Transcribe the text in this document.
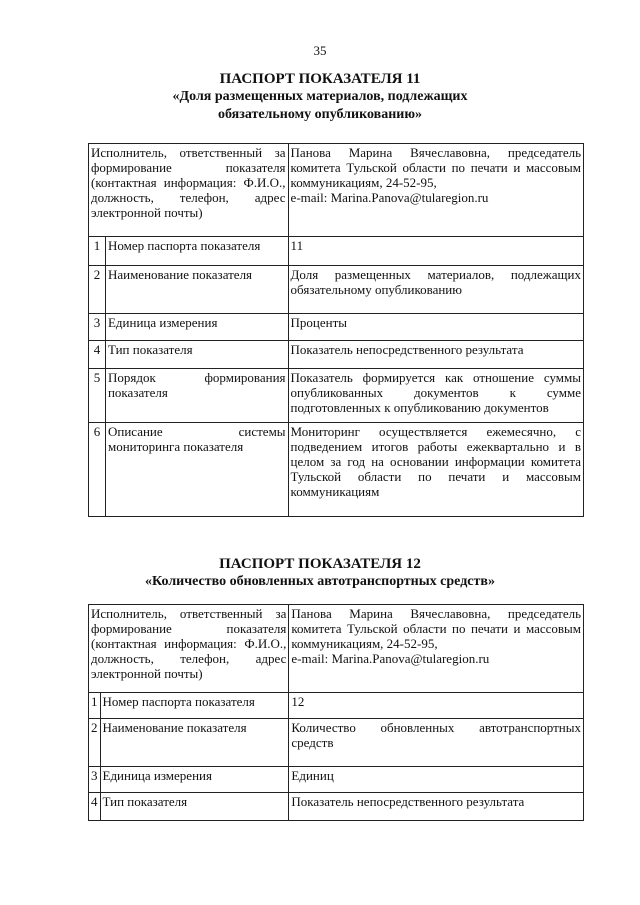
35
ПАСПОРТ ПОКАЗАТЕЛЯ 11
«Доля размещенных материалов, подлежащих
обязательному опубликованию»
Исполнитель, ответственный за формирование показателя (контактная информация: Ф.И.О., должность, телефон, адрес электронной почты)		Панова Марина Вячеславовна, председатель комитета Тульской области по печати и массовым коммуникациям, 24-52-95,
e-mail: Marina.Panova@tularegion.ru

1	Номер паспорта показателя	11
2	Наименование показателя	Доля размещенных материалов, подлежащих обязательному опубликованию
3	Единица измерения	Проценты
4	Тип показателя	Показатель непосредственного результата
5	Порядок формирования показателя	Показатель формируется как отношение суммы опубликованных документов к сумме подготовленных к опубликованию документов
6	Описание системы мониторинга показателя	Мониторинг осуществляется ежемесячно, с подведением итогов работы ежеквартально и в целом за год на основании информации комитета Тульской области по печати и массовым коммуникациям
ПАСПОРТ ПОКАЗАТЕЛЯ 12
«Количество обновленных автотранспортных средств»
Исполнитель, ответственный за формирование показателя (контактная информация: Ф.И.О., должность, телефон, адрес электронной почты)		Панова Марина Вячеславовна, председатель комитета Тульской области по печати и массовым коммуникациям, 24-52-95,
e-mail: Marina.Panova@tularegion.ru

1	Номер паспорта показателя	12
2	Наименование показателя	Количество обновленных автотранспортных средств
3	Единица измерения	Единиц
4	Тип показателя	Показатель непосредственного результата
